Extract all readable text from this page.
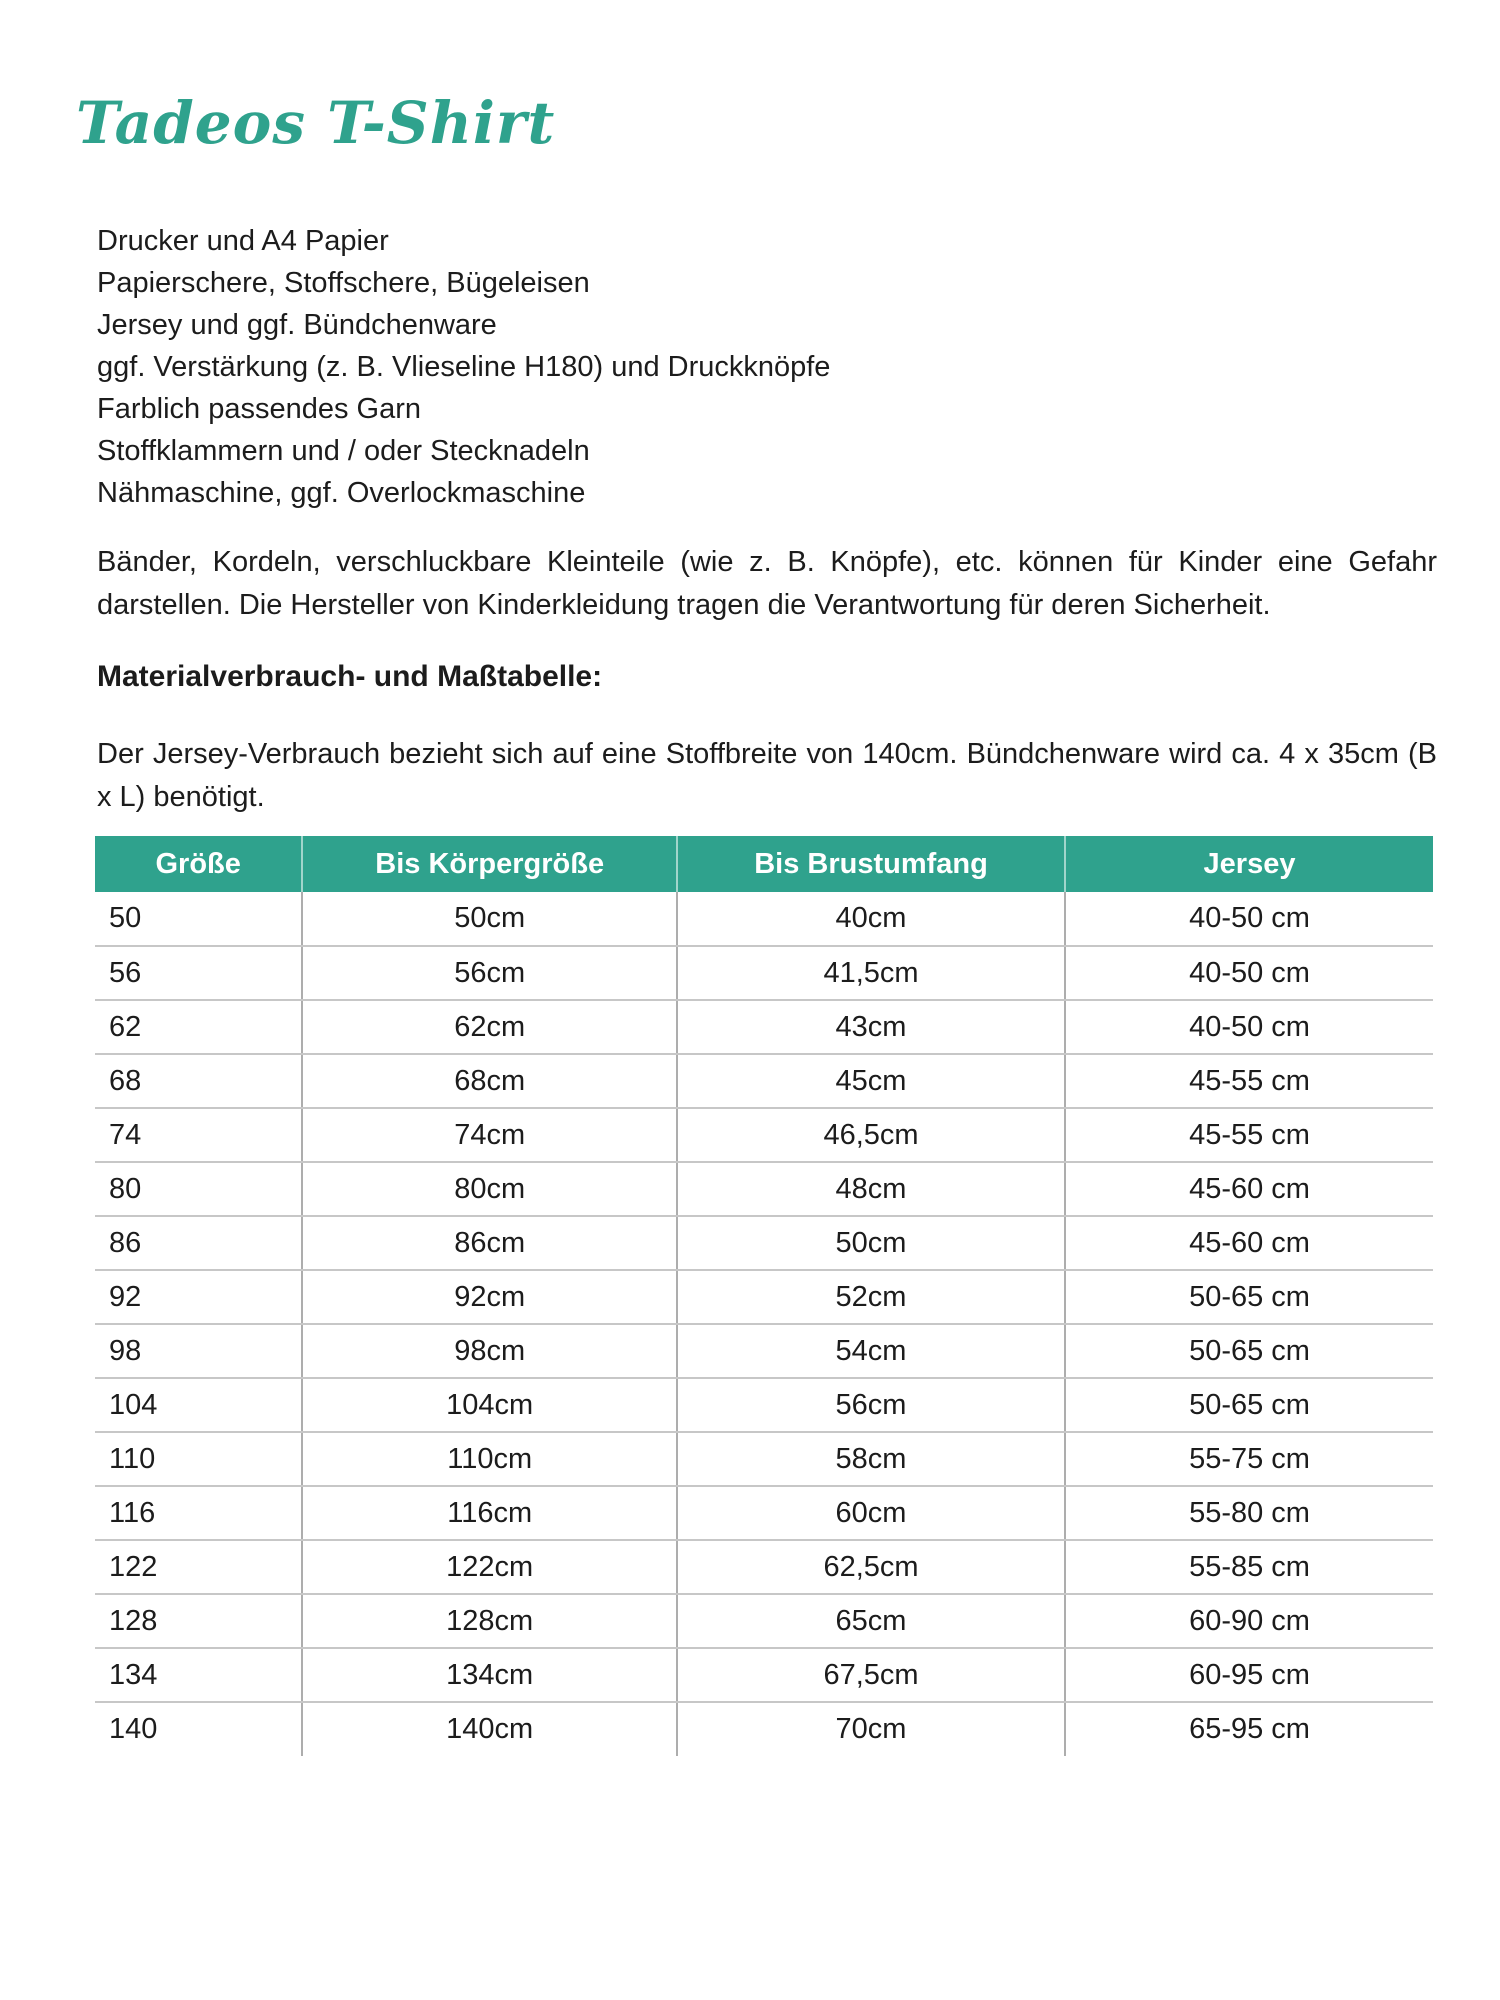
Tadeos T-Shirt
Drucker und A4 Papier
Papierschere, Stoffschere, Bügeleisen
Jersey und ggf. Bündchenware
ggf. Verstärkung (z. B. Vlieseline H180) und Druckknöpfe
Farblich passendes Garn
Stoffklammern und / oder Stecknadeln
Nähmaschine, ggf. Overlockmaschine

Bänder, Kordeln, verschluckbare Kleinteile (wie z. B. Knöpfe), etc. können für Kinder eine Gefahr darstellen. Die Hersteller von Kinderkleidung tragen die Verantwortung für deren Sicherheit.

Materialverbrauch- und Maßtabelle:

Der Jersey-Verbrauch bezieht sich auf eine Stoffbreite von 140cm. Bündchenware wird ca. 4 x 35cm (B x L) benötigt.

Größe	Bis Körpergröße	Bis Brustumfang	Jersey
50	50cm	40cm	40-50 cm
56	56cm	41,5cm	40-50 cm
62	62cm	43cm	40-50 cm
68	68cm	45cm	45-55 cm
74	74cm	46,5cm	45-55 cm
80	80cm	48cm	45-60 cm
86	86cm	50cm	45-60 cm
92	92cm	52cm	50-65 cm
98	98cm	54cm	50-65 cm
104	104cm	56cm	50-65 cm
110	110cm	58cm	55-75 cm
116	116cm	60cm	55-80 cm
122	122cm	62,5cm	55-85 cm
128	128cm	65cm	60-90 cm
134	134cm	67,5cm	60-95 cm
140	140cm	70cm	65-95 cm
